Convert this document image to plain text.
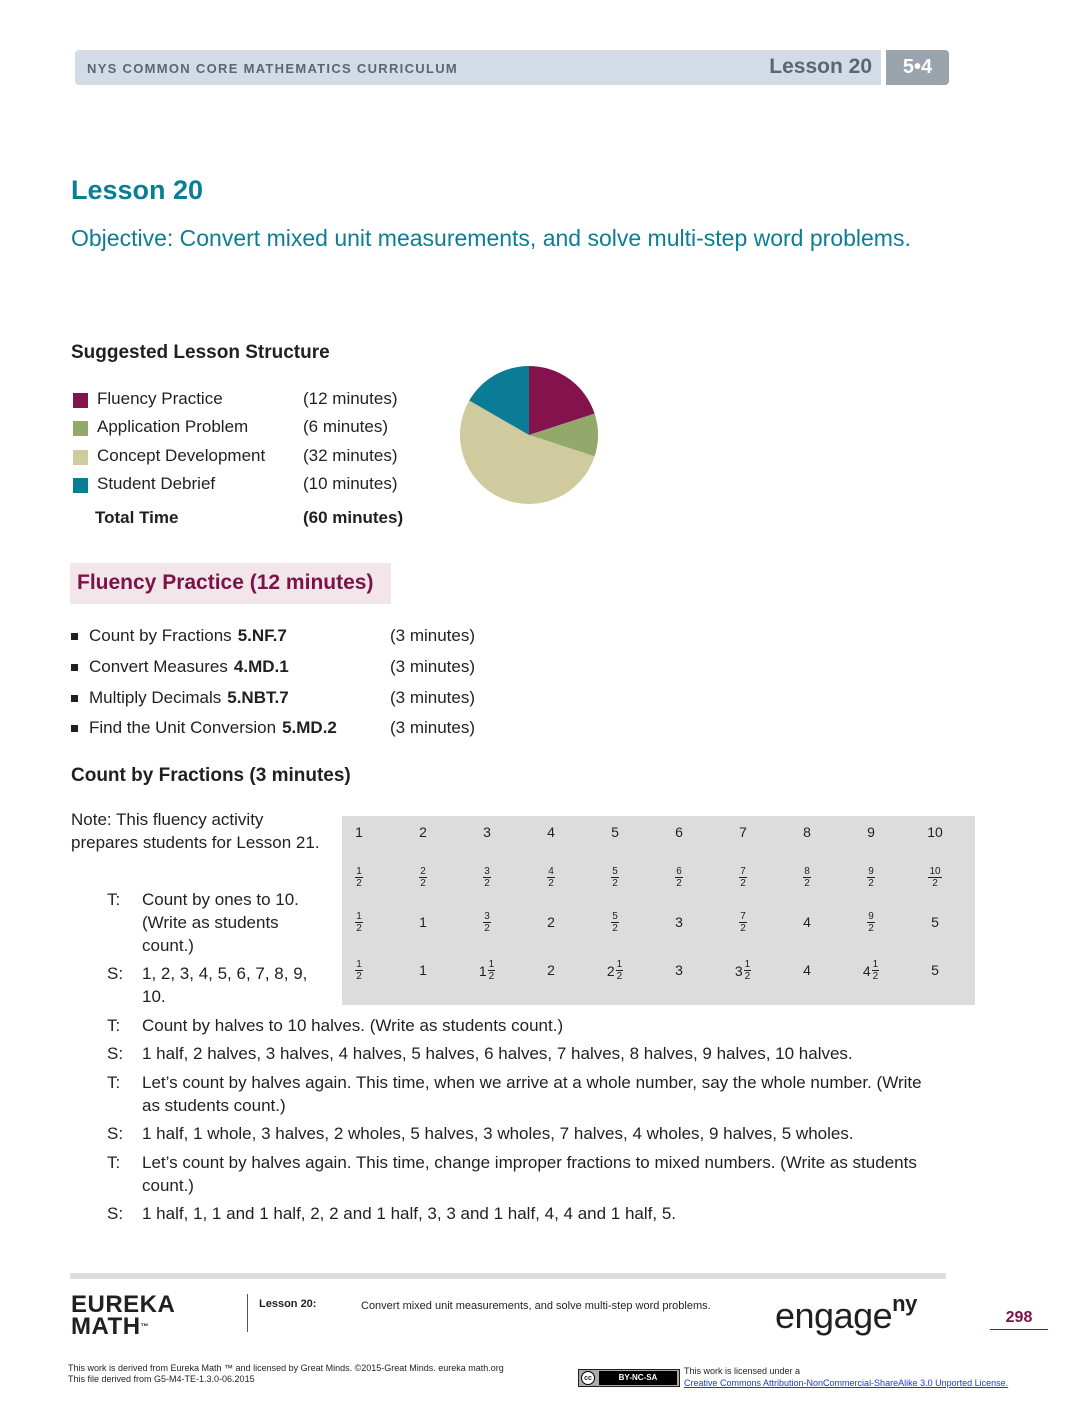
NYS COMMON CORE MATHEMATICS CURRICULUM	Lesson 20	5•4
Lesson 20
Objective: Convert mixed unit measurements, and solve multi-step word problems.
Suggested Lesson Structure
Fluency Practice	(12 minutes)
Application Problem	(6 minutes)
Concept Development (32 minutes)
Student Debrief	(10 minutes)
Total Time	(60 minutes)
Fluency Practice (12 minutes)
Count by Fractions 5.NF.7	(3 minutes)
Convert Measures 4.MD.1	(3 minutes)
Multiply Decimals 5.NBT.7	(3 minutes)
Find the Unit Conversion 5.MD.2	(3 minutes)
Count by Fractions (3 minutes)
Note: This fluency activity prepares students for Lesson 21.
T: Count by ones to 10. (Write as students count.)
S: 1, 2, 3, 4, 5, 6, 7, 8, 9, 10.
T: Count by halves to 10 halves. (Write as students count.)
S: 1 half, 2 halves, 3 halves, 4 halves, 5 halves, 6 halves, 7 halves, 8 halves, 9 halves, 10 halves.
T: Let’s count by halves again. This time, when we arrive at a whole number, say the whole number. (Write as students count.)
S: 1 half, 1 whole, 3 halves, 2 wholes, 5 halves, 3 wholes, 7 halves, 4 wholes, 9 halves, 5 wholes.
T: Let’s count by halves again. This time, change improper fractions to mixed numbers. (Write as students count.)
S: 1 half, 1, 1 and 1 half, 2, 2 and 1 half, 3, 3 and 1 half, 4, 4 and 1 half, 5.
1	2	3	4	5	6	7	8	9	10
$\frac{1}{2}$	$\frac{2}{2}$	$\frac{3}{2}$	$\frac{4}{2}$	$\frac{5}{2}$	$\frac{6}{2}$	$\frac{7}{2}$	$\frac{8}{2}$	$\frac{9}{2}$	$\frac{10}{2}$
$\frac{1}{2}$	1	$\frac{3}{2}$	2	$\frac{5}{2}$	3	$\frac{7}{2}$	4	$\frac{9}{2}$	5
$\frac{1}{2}$	1	$1 \frac{1}{2}$	2	$2 \frac{1}{2}$	3	$3 \frac{1}{2}$	4	$4 \frac{1}{2}$	5
EUREKA
MATH™
Lesson 20:	Convert mixed unit measurements, and solve multi-step word problems.	engage$^{ny}$
298
This work is derived from Eureka Math ™ and licensed by Great Minds. ©2015-Great Minds. eureka math.org
This file derived from G5-M4-TE-1.3.0-06.2015	cc	BY-NC-SA
This work is licensed under a
Creative Commons Attribution-NonCommercial-ShareAlike 3.0 Unported License.
